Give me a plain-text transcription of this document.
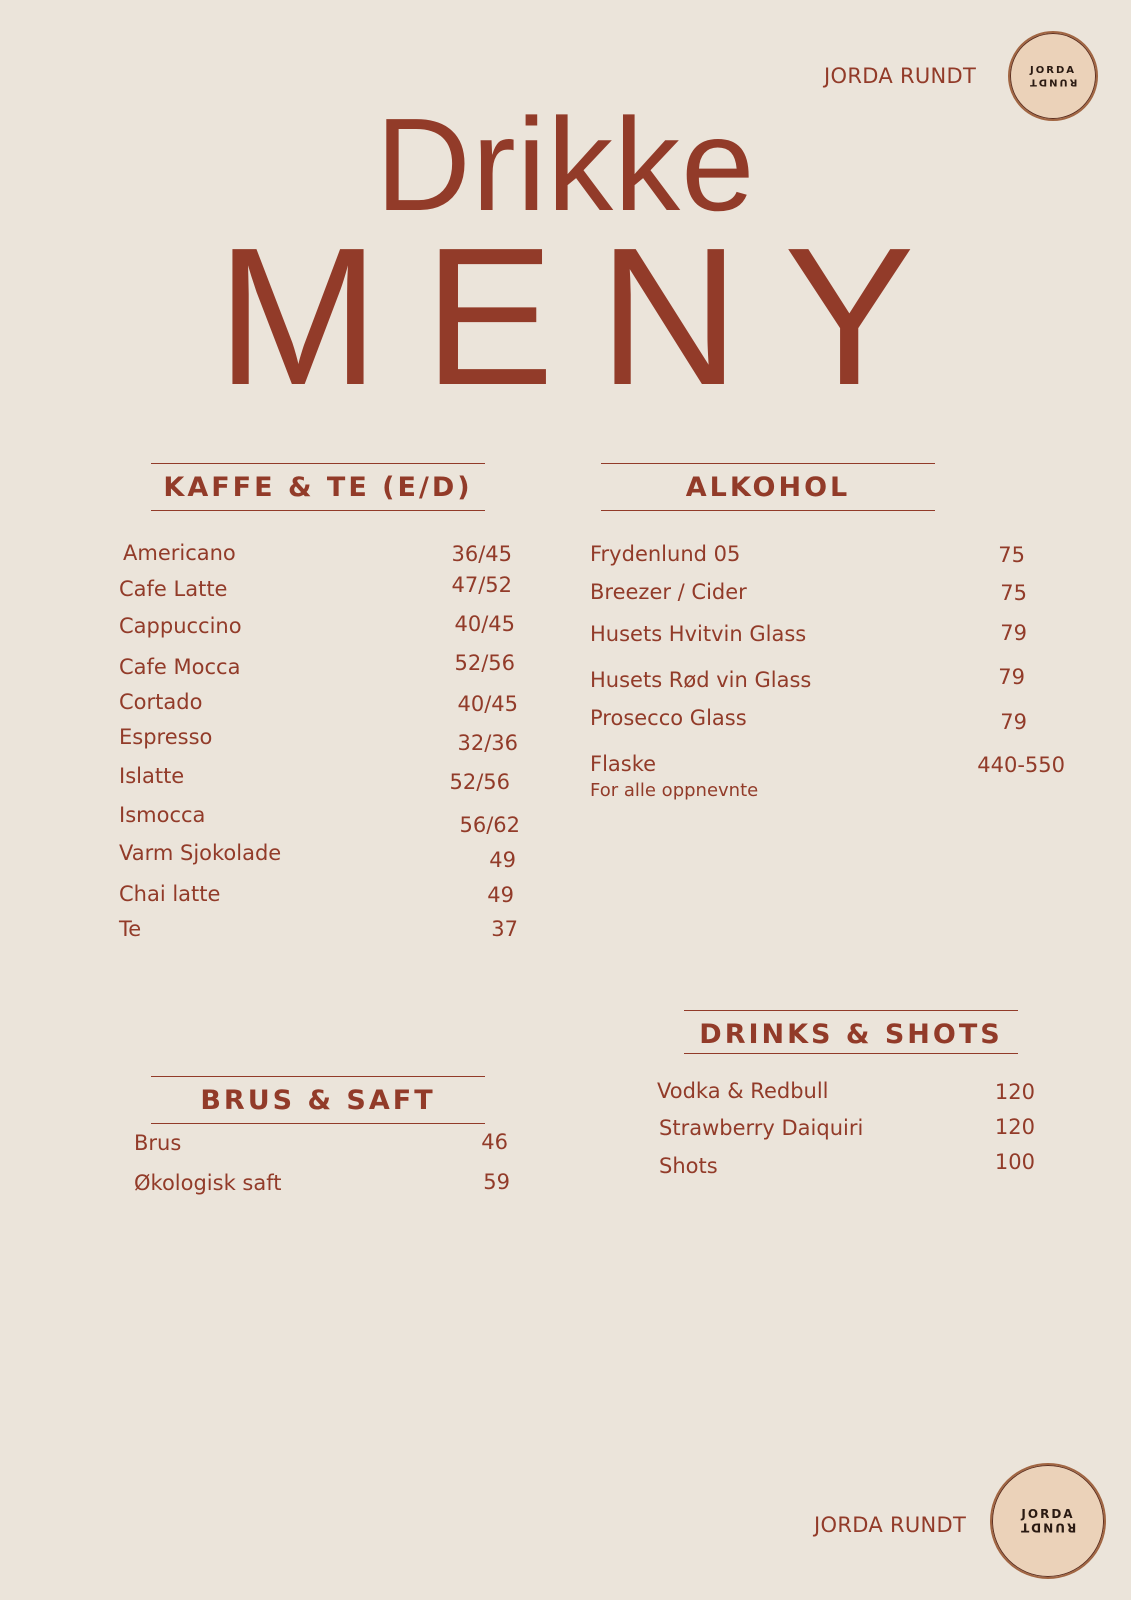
JORDA RUNDT	JORDA
RUNDT
Drikke
MENY
KAFFE & TE (E/D)
Americano	36/45
Cafe Latte	47/52
Cappuccino	40/45
Cafe Mocca	52/56
Cortado	40/45
Espresso	32/36
Islatte	52/56
Ismocca	56/62
Varm Sjokolade	49
Chai latte	49
Te	37
ALKOHOL
Frydenlund 05	75
Breezer / Cider	75
Husets Hvitvin Glass	79
Husets Rød vin Glass	79
Prosecco Glass	79
Flaske	440-550
For alle oppnevnte
BRUS & SAFT
Brus	46
Økologisk saft	59
DRINKS & SHOTS
Vodka & Redbull	120
Strawberry Daiquiri	120
Shots	100
JORDA RUNDT	JORDA
RUNDT
